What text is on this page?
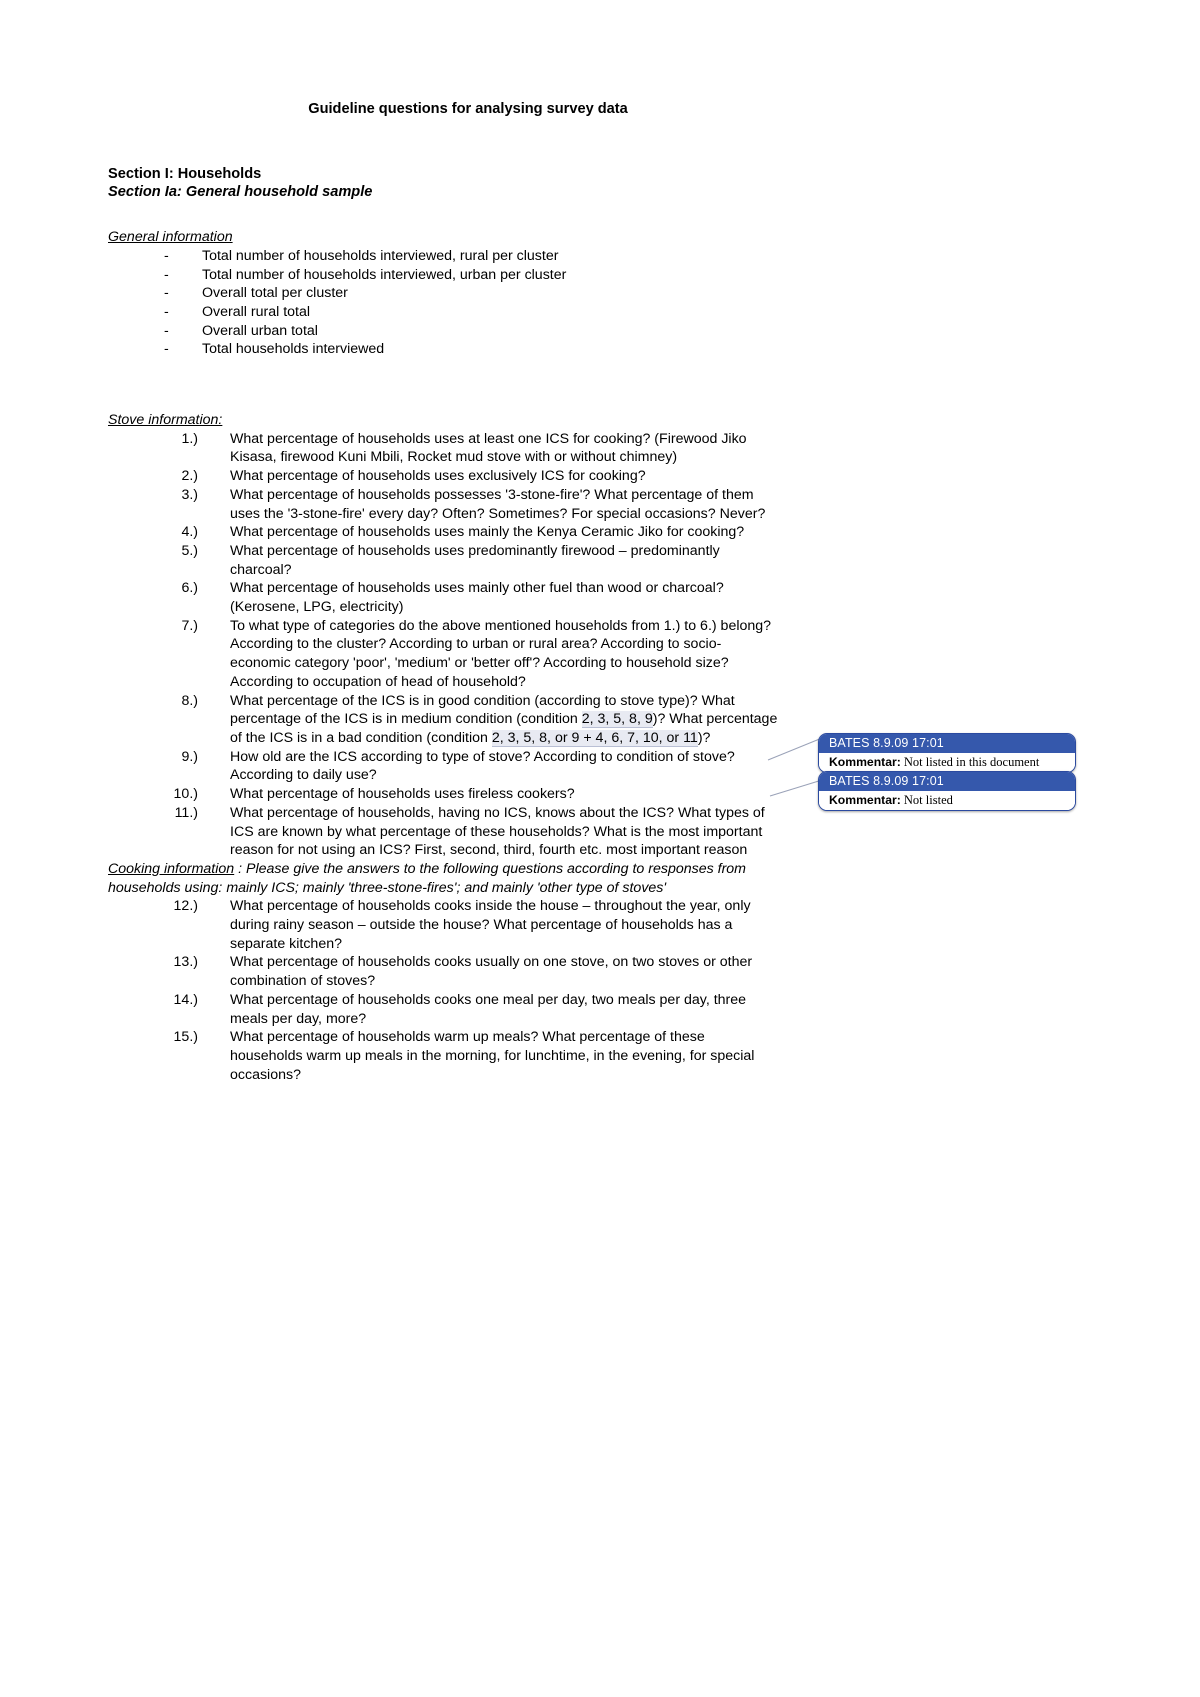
Guideline questions for analysing survey data
Section I: Households
Section Ia: General household sample
General information
- Total number of households interviewed, rural per cluster
- Total number of households interviewed, urban per cluster
- Overall total per cluster
- Overall rural total
- Overall urban total
- Total households interviewed
Stove information:
1.) What percentage of households uses at least one ICS for cooking? (Firewood Jiko Kisasa, firewood Kuni Mbili, Rocket mud stove with or without chimney)
2.) What percentage of households uses exclusively ICS for cooking?
3.) What percentage of households possesses '3-stone-fire'? What percentage of them uses the '3-stone-fire' every day? Often? Sometimes? For special occasions? Never?
4.) What percentage of households uses mainly the Kenya Ceramic Jiko for cooking?
5.) What percentage of households uses predominantly firewood – predominantly charcoal?
6.) What percentage of households uses mainly other fuel than wood or charcoal? (Kerosene, LPG, electricity)
7.) To what type of categories do the above mentioned households from 1.) to 6.) belong? According to the cluster? According to urban or rural area? According to socio-economic category 'poor', 'medium' or 'better off'? According to household size? According to occupation of head of household?
8.) What percentage of the ICS is in good condition (according to stove type)? What percentage of the ICS is in medium condition (condition 2, 3, 5, 8, 9)? What percentage of the ICS is in a bad condition (condition 2, 3, 5, 8, or 9 + 4, 6, 7, 10, or 11)?
9.) How old are the ICS according to type of stove? According to condition of stove? According to daily use?
10.) What percentage of households uses fireless cookers?
11.) What percentage of households, having no ICS, knows about the ICS? What types of ICS are known by what percentage of these households? What is the most important reason for not using an ICS? First, second, third, fourth etc. most important reason
Cooking information : Please give the answers to the following questions according to responses from households using: mainly ICS; mainly 'three-stone-fires'; and mainly 'other type of stoves'
12.) What percentage of households cooks inside the house – throughout the year, only during rainy season – outside the house? What percentage of households has a separate kitchen?
13.) What percentage of households cooks usually on one stove, on two stoves or other combination of stoves?
14.) What percentage of households cooks one meal per day, two meals per day, three meals per day, more?
15.) What percentage of households warm up meals? What percentage of these households warm up meals in the morning, for lunchtime, in the evening, for special occasions?
BATES 8.9.09 17:01
Kommentar: Not listed in this document
BATES 8.9.09 17:01
Kommentar: Not listed
